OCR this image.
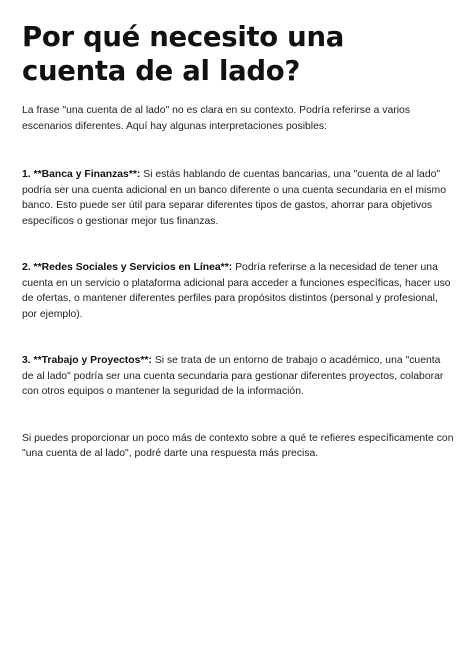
Por qué necesito una cuenta de al lado?

La frase "una cuenta de al lado" no es clara en su contexto. Podría referirse a varios escenarios diferentes. Aquí hay algunas interpretaciones posibles:

1. **Banca y Finanzas**: Si estás hablando de cuentas bancarias, una "cuenta de al lado" podría ser una cuenta adicional en un banco diferente o una cuenta secundaria en el mismo banco. Esto puede ser útil para separar diferentes tipos de gastos, ahorrar para objetivos específicos o gestionar mejor tus finanzas.

2. **Redes Sociales y Servicios en Línea**: Podría referirse a la necesidad de tener una cuenta en un servicio o plataforma adicional para acceder a funciones específicas, hacer uso de ofertas, o mantener diferentes perfiles para propósitos distintos (personal y profesional, por ejemplo).

3. **Trabajo y Proyectos**: Si se trata de un entorno de trabajo o académico, una "cuenta de al lado" podría ser una cuenta secundaria para gestionar diferentes proyectos, colaborar con otros equipos o mantener la seguridad de la información.

Si puedes proporcionar un poco más de contexto sobre a qué te refieres específicamente con "una cuenta de al lado", podré darte una respuesta más precisa.
